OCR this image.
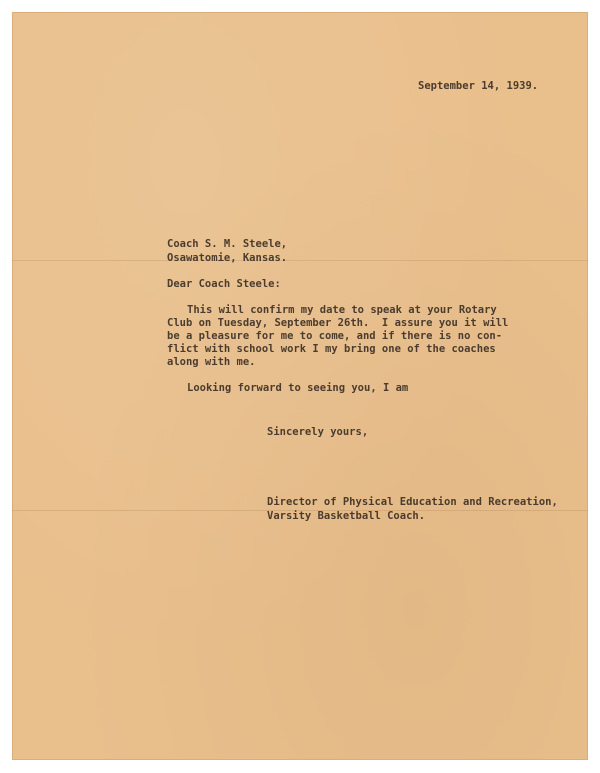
September 14, 1939.
Coach S. M. Steele,
Osawatomie, Kansas.
Dear Coach Steele:
This will confirm my date to speak at your Rotary
Club on Tuesday, September 26th.  I assure you it will
be a pleasure for me to come, and if there is no con-
flict with school work I my bring one of the coaches
along with me.
Looking forward to seeing you, I am
Sincerely yours,
Director of Physical Education and Recreation,
Varsity Basketball Coach.
